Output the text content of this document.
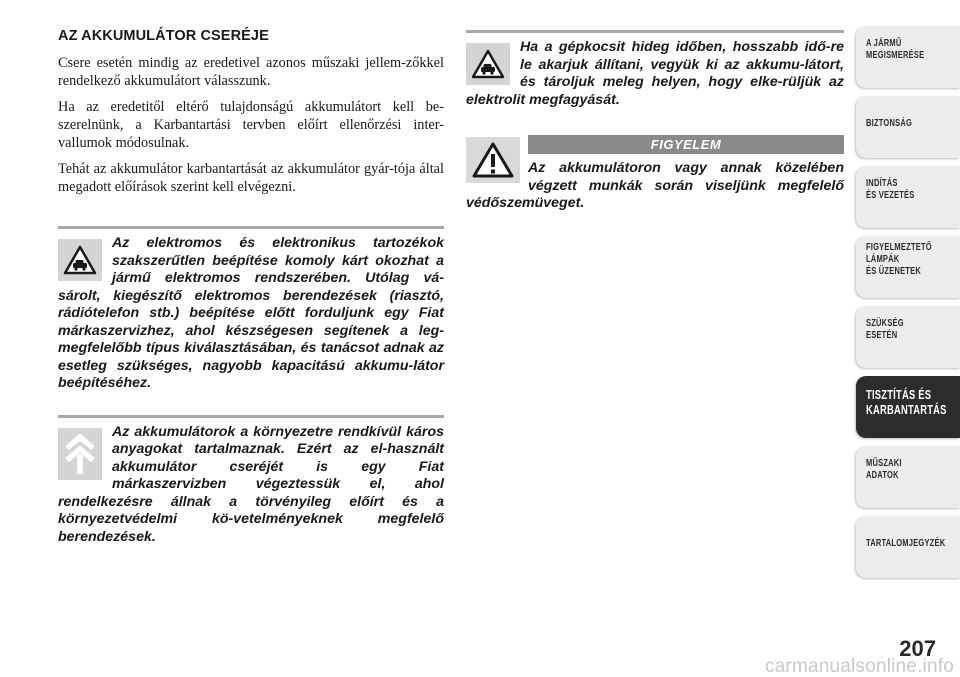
AZ AKKUMULÁTOR CSERÉJE

Csere esetén mindig az eredetivel azonos műszaki jellem-zőkkel rendelkező akkumulátort válasszunk.

Ha az eredetitől eltérő tulajdonságú akkumulátort kell be-szerelnünk, a Karbantartási tervben előírt ellenőrzési inter-vallumok módosulnak.

Tehát az akkumulátor karbantartását az akkumulátor gyár-tója által megadott előírások szerint kell elvégezni.

Az elektromos és elektronikus tartozékok szakszerűtlen beépítése komoly kárt okozhat a jármű elektromos rendszerében. Utólag vá-sárolt, kiegészítő elektromos berendezések (riasztó, rádiótelefon stb.) beépítése előtt forduljunk egy Fiat márkaszervizhez, ahol készségesen segítenek a leg-megfelelőbb típus kiválasztásában, és tanácsot adnak az esetleg szükséges, nagyobb kapacitású akkumu-látor beépítéséhez.
Az akkumulátorok a környezetre rendkívül káros anyagokat tartalmaznak. Ezért az el-használt akkumulátor cseréjét is egy Fiat márkaszervizben végeztessük el, ahol rendelkezésre állnak a törvényileg előírt és a környezetvédelmi kö-vetelményeknek megfelelő berendezések.
Ha a gépkocsit hideg időben, hosszabb idő-re le akarjuk állítani, vegyük ki az akkumu-látort, és tároljuk meleg helyen, hogy elke-rüljük az elektrolit megfagyását.
FIGYELEM
Az akkumulátoron vagy annak közelében végzett munkák során viseljünk megfelelő védőszemüveget.
A JÁRMŰ
MEGISMERÉSE
BIZTONSÁG
INDÍTÁS
ÉS VEZETÉS
FIGYELMEZTETŐ
LÁMPÁK
ÉS ÜZENETEK
SZÜKSÉG
ESETÉN
TISZTÍTÁS ÉS
KARBANTARTÁS
MŰSZAKI
ADATOK
TARTALOMJEGYZÉK
207
carmanualsonline.info
